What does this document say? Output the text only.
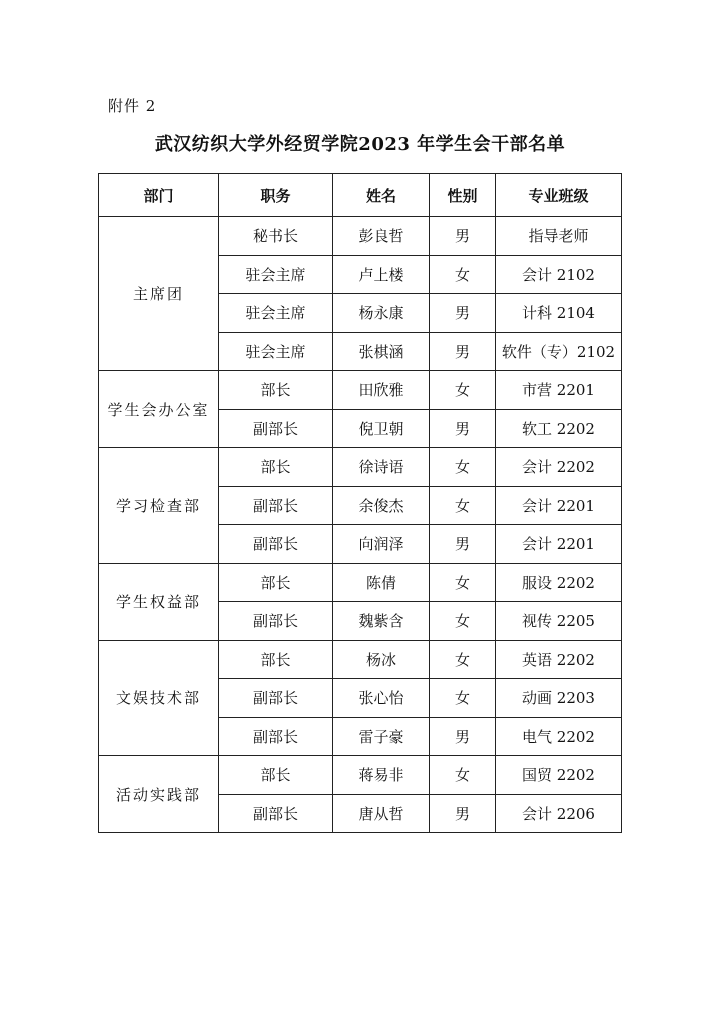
附件 2
武汉纺织大学外经贸学院2023 年学生会干部名单
部门	职务	姓名	性别	专业班级
主席团	秘书长	彭良哲	男	指导老师
	驻会主席	卢上楼	女	会计 2102
	驻会主席	杨永康	男	计科 2104
	驻会主席	张棋涵	男	软件（专）2102
学生会办公室	部长	田欣雅	女	市营 2201
	副部长	倪卫朝	男	软工 2202
学习检查部	部长	徐诗语	女	会计 2202
	副部长	余俊杰	女	会计 2201
	副部长	向润泽	男	会计 2201
学生权益部	部长	陈倩	女	服设 2202
	副部长	魏紫含	女	视传 2205
文娱技术部	部长	杨冰	女	英语 2202
	副部长	张心怡	女	动画 2203
	副部长	雷子豪	男	电气 2202
活动实践部	部长	蒋易非	女	国贸 2202
	副部长	唐从哲	男	会计 2206
